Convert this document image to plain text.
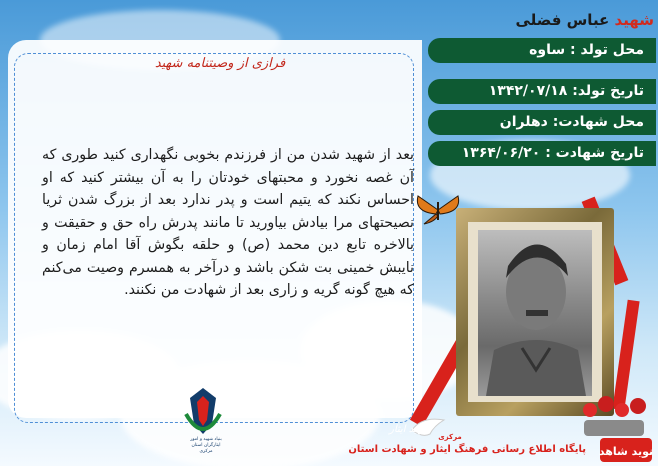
فرازی از وصیتنامه شهید

بعد از شهید شدن من از فرزندم بخوبی نگهداری کنید طوری که آن غصه نخورد و محبتهای خودتان را به آن بیشتر کنید که او احساس نکند که یتیم است و پدر ندارد بعد از بزرگ شدن ثریا نصیحتهای مرا بیادش بیاورید تا مانند پدرش راه حق و حقیقت و بالاخره تابع دین محمد (ص) و حلقه بگوش آقا امام زمان و نایبش خمینی بت شکن باشد و درآخر به همسرم وصیت می‌کنم که هیچ گونه گریه و زاری بعد از شهادت من نکنند.

شهید عباس فضلی
محل تولد : ساوه
تاریخ تولد: ۱۳۴۲/۰۷/۱۸
محل شهادت: دهلران
تاریخ شهادت : ۱۳۶۴/۰۶/۲۰
شهید ایثار
بنیاد شهید و امور ایثارگران استان مرکزی	پایگاه اطلاع رسانی فرهنگ ایثار و شهادت استان
مرکزی
نوید شاهد
